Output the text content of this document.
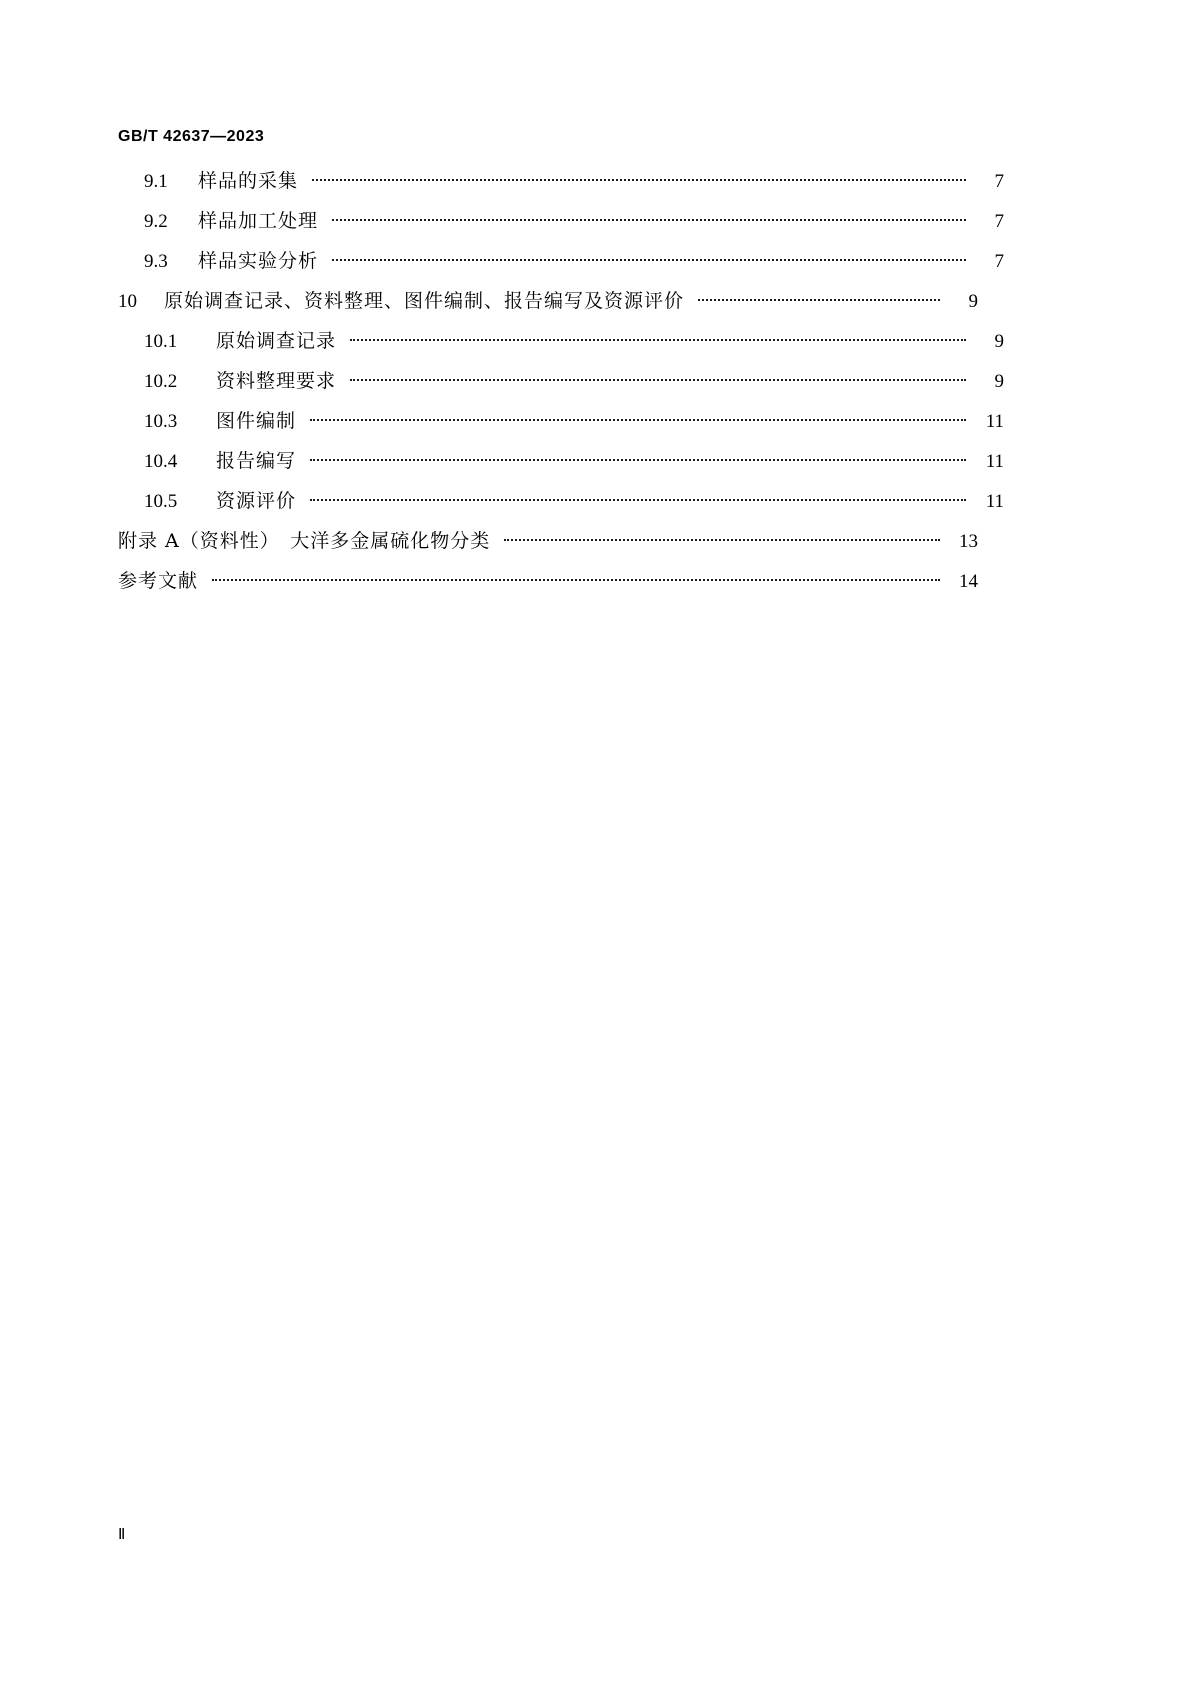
GB/T 42637—2023
9.1	样品的采集	7
9.2	样品加工处理	7
9.3	样品实验分析	7
10	原始调查记录、资料整理、图件编制、报告编写及资源评价	9
10.1	原始调查记录	9
10.2	资料整理要求	9
10.3	图件编制	11
10.4	报告编写	11
10.5	资源评价	11
附录 A（资料性）　大洋多金属硫化物分类	13
参考文献	14
Ⅱ
